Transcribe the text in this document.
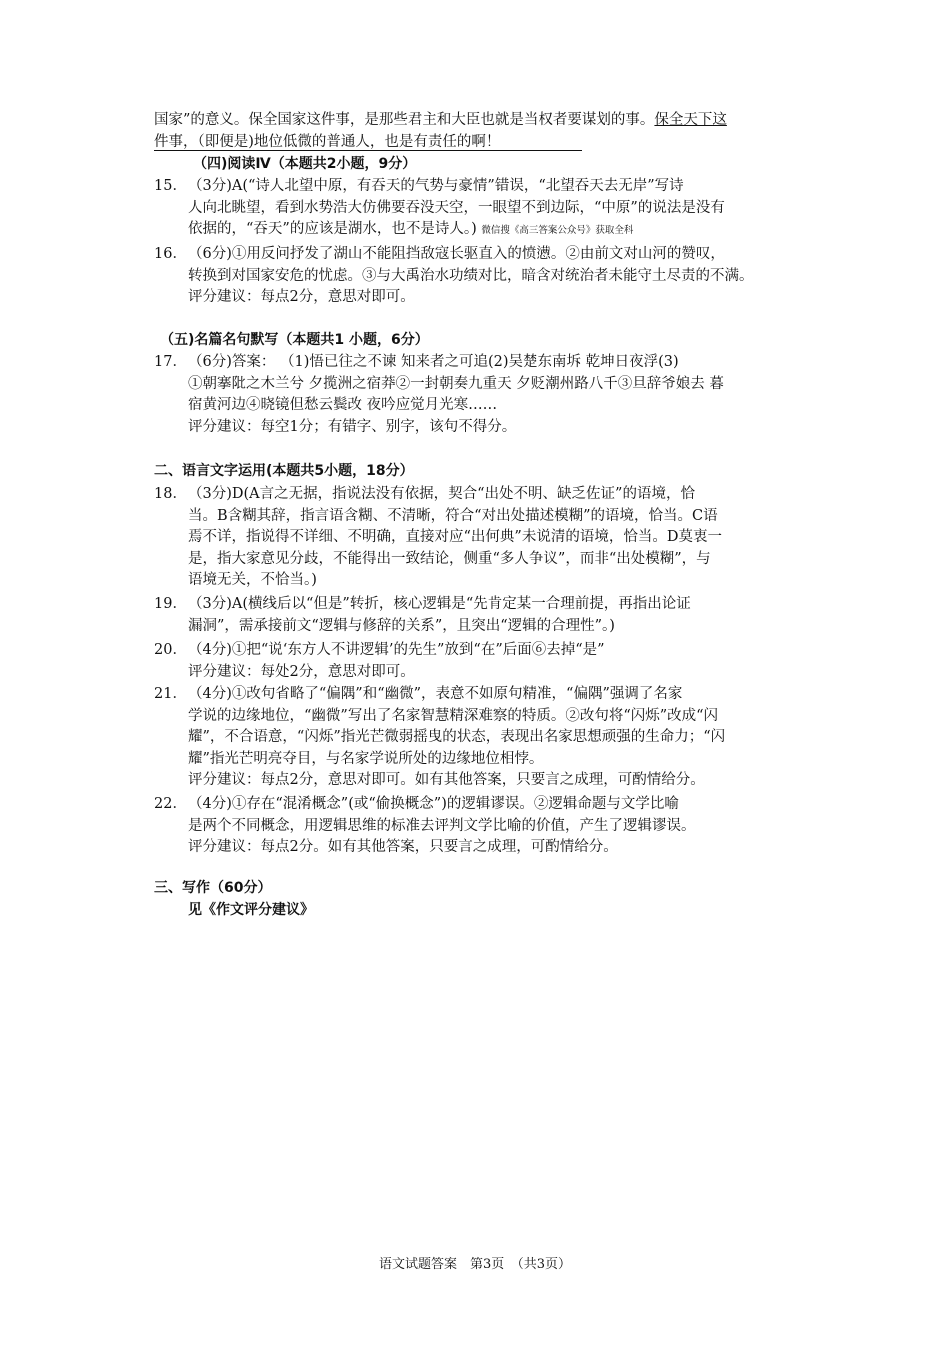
国家”的意义。保全国家这件事，是那些君主和大臣也就是当权者要谋划的事。保全天下这
件事，（即便是)地位低微的普通人，也是有责任的啊！
（四)阅读Ⅳ（本题共2小题，9分）
15． （3分)A(“诗人北望中原，有吞天的气势与豪情”错误，“北望吞天去无岸”写诗
人向北眺望，看到水势浩大仿佛要吞没天空，一眼望不到边际，“中原”的说法是没有
依据的，“吞天”的应该是湖水，也不是诗人。) 微信搜《高三答案公众号》获取全科
16． （6分)①用反问抒发了湖山不能阻挡敌寇长驱直入的愤懑。②由前文对山河的赞叹，
转换到对国家安危的忧虑。③与大禹治水功绩对比，暗含对统治者未能守土尽责的不满。
评分建议：每点2分，意思对即可。
（五)名篇名句默写（本题共1 小题，6分）
17． （6分)答案： （1)悟已往之不谏 知来者之可追(2)吴楚东南坼 乾坤日夜浮(3)
①朝搴阰之木兰兮 夕揽洲之宿莽②一封朝奏九重天 夕贬潮州路八千③旦辞爷娘去 暮
宿黄河边④晓镜但愁云鬓改 夜吟应觉月光寒……
评分建议：每空1分；有错字、别字，该句不得分。
二、语言文字运用(本题共5小题，18分）
18． （3分)D(A言之无据，指说法没有依据，契合“出处不明、缺乏佐证”的语境，恰
当。B含糊其辞，指言语含糊、不清晰，符合“对出处描述模糊”的语境，恰当。C语
焉不详，指说得不详细、不明确，直接对应“出何典”未说清的语境，恰当。D莫衷一
是，指大家意见分歧，不能得出一致结论，侧重“多人争议”，而非“出处模糊”，与
语境无关，不恰当。)
19． （3分)A(横线后以“但是”转折，核心逻辑是“先肯定某一合理前提，再指出论证
漏洞”，需承接前文“逻辑与修辞的关系”，且突出“逻辑的合理性”。)
20． （4分)①把“说‘东方人不讲逻辑’的先生”放到“在”后面⑥去掉“是”
评分建议：每处2分，意思对即可。
21． （4分)①改句省略了“偏隅”和“幽微”，表意不如原句精准，“偏隅”强调了名家
学说的边缘地位，“幽微”写出了名家智慧精深难察的特质。②改句将“闪烁”改成“闪
耀”，不合语意，“闪烁”指光芒微弱摇曳的状态，表现出名家思想顽强的生命力；“闪
耀”指光芒明亮夺目，与名家学说所处的边缘地位相悖。
评分建议：每点2分，意思对即可。如有其他答案，只要言之成理，可酌情给分。
22． （4分)①存在“混淆概念”(或“偷换概念”)的逻辑谬误。②逻辑命题与文学比喻
是两个不同概念，用逻辑思维的标准去评判文学比喻的价值，产生了逻辑谬误。
评分建议：每点2分。如有其他答案，只要言之成理，可酌情给分。
三、写作（60分）
见《作文评分建议》
语文试题答案　第3页　（共3页）
